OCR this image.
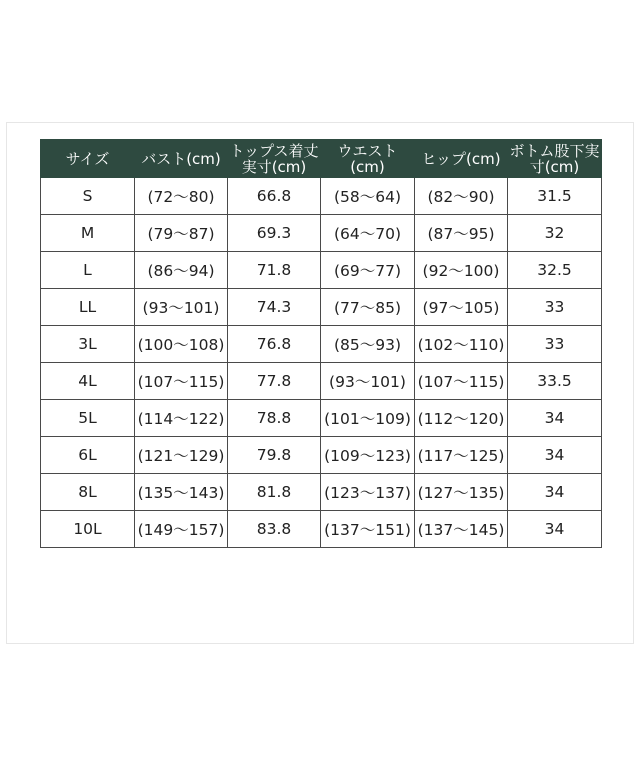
サイズ	バスト(cm)	トップス着丈実寸(cm)	ウエスト(cm)	ヒップ(cm)	ボトム股下実寸(cm)
S	(72～80)	66.8	(58～64)	(82～90)	31.5
M	(79～87)	69.3	(64～70)	(87～95)	32
L	(86～94)	71.8	(69～77)	(92～100)	32.5
LL	(93～101)	74.3	(77～85)	(97～105)	33
3L	(100～108)	76.8	(85～93)	(102～110)	33
4L	(107～115)	77.8	(93～101)	(107～115)	33.5
5L	(114～122)	78.8	(101～109)	(112～120)	34
6L	(121～129)	79.8	(109～123)	(117～125)	34
8L	(135～143)	81.8	(123～137)	(127～135)	34
10L	(149～157)	83.8	(137～151)	(137～145)	34
